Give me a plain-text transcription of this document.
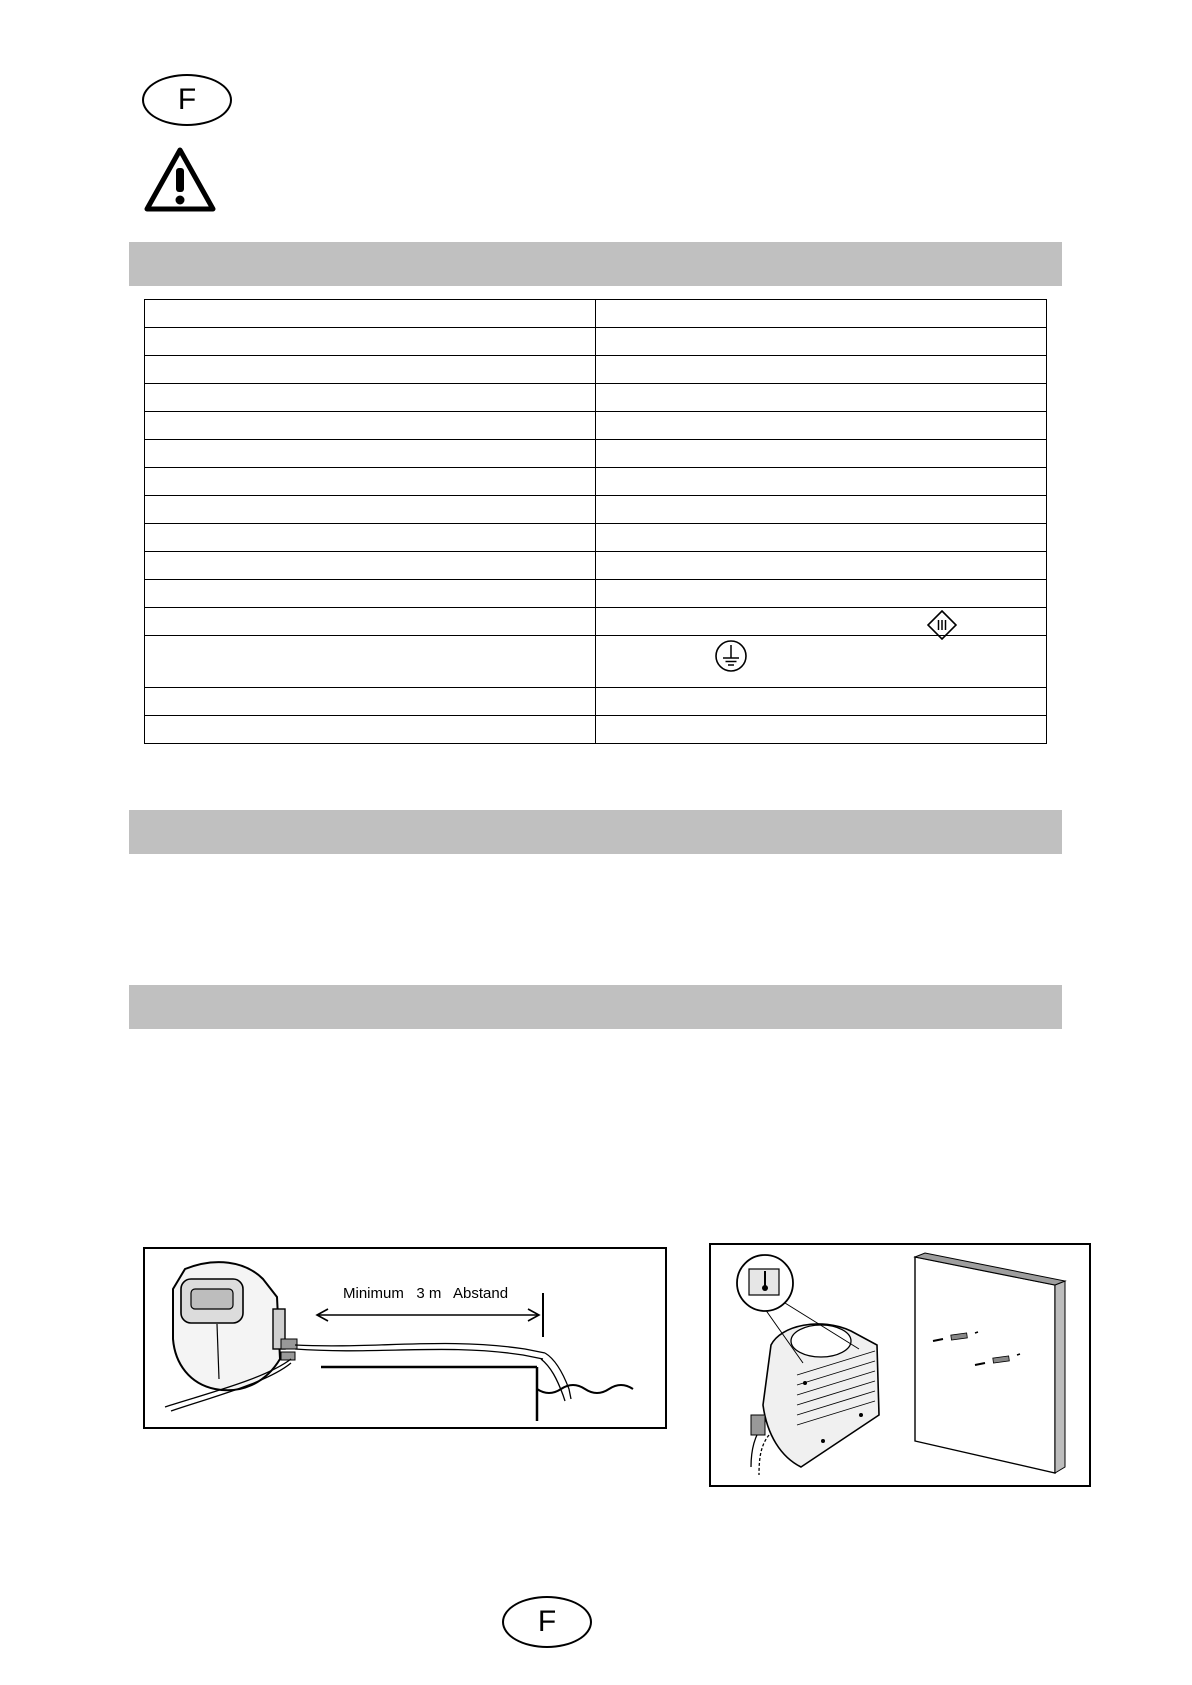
F

Minimum   3 m   Abstand
F
